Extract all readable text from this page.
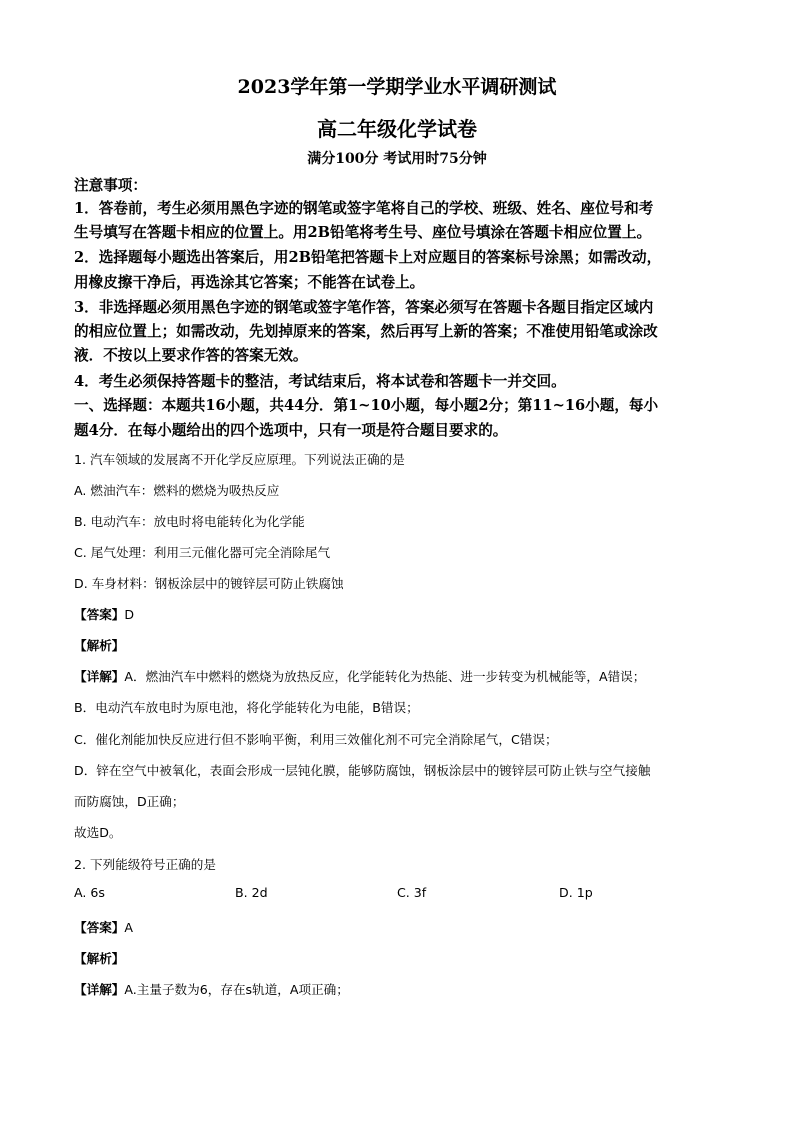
2023学年第一学期学业水平调研测试
高二年级化学试卷
满分100分 考试用时75分钟
注意事项：
1．答卷前，考生必须用黑色字迹的钢笔或签字笔将自己的学校、班级、姓名、座位号和考
生号填写在答题卡相应的位置上。用2B铅笔将考生号、座位号填涂在答题卡相应位置上。
2．选择题每小题选出答案后，用2B铅笔把答题卡上对应题目的答案标号涂黑；如需改动，
用橡皮擦干净后，再选涂其它答案；不能答在试卷上。
3．非选择题必须用黑色字迹的钢笔或签字笔作答，答案必须写在答题卡各题目指定区域内
的相应位置上；如需改动，先划掉原来的答案，然后再写上新的答案；不准使用铅笔或涂改
液．不按以上要求作答的答案无效。
4．考生必须保持答题卡的整洁，考试结束后，将本试卷和答题卡一并交回。
一、选择题：本题共16小题，共44分．第1~10小题，每小题2分；第11~16小题，每小
题4分．在每小题给出的四个选项中，只有一项是符合题目要求的。
1. 汽车领域的发展离不开化学反应原理。下列说法正确的是
A. 燃油汽车：燃料的燃烧为吸热反应
B. 电动汽车：放电时将电能转化为化学能
C. 尾气处理：利用三元催化器可完全消除尾气
D. 车身材料：钢板涂层中的镀锌层可防止铁腐蚀
【答案】D
【解析】
【详解】A．燃油汽车中燃料的燃烧为放热反应，化学能转化为热能、进一步转变为机械能等，A错误；
B．电动汽车放电时为原电池，将化学能转化为电能，B错误；
C．催化剂能加快反应进行但不影响平衡，利用三效催化剂不可完全消除尾气，C错误；
D．锌在空气中被氧化，表面会形成一层钝化膜，能够防腐蚀，钢板涂层中的镀锌层可防止铁与空气接触
而防腐蚀，D正确；
故选D。
2. 下列能级符号正确的是
A. 6s	B. 2d	C. 3f	D. 1p
【答案】A
【解析】
【详解】A.主量子数为6，存在s轨道，A项正确；
